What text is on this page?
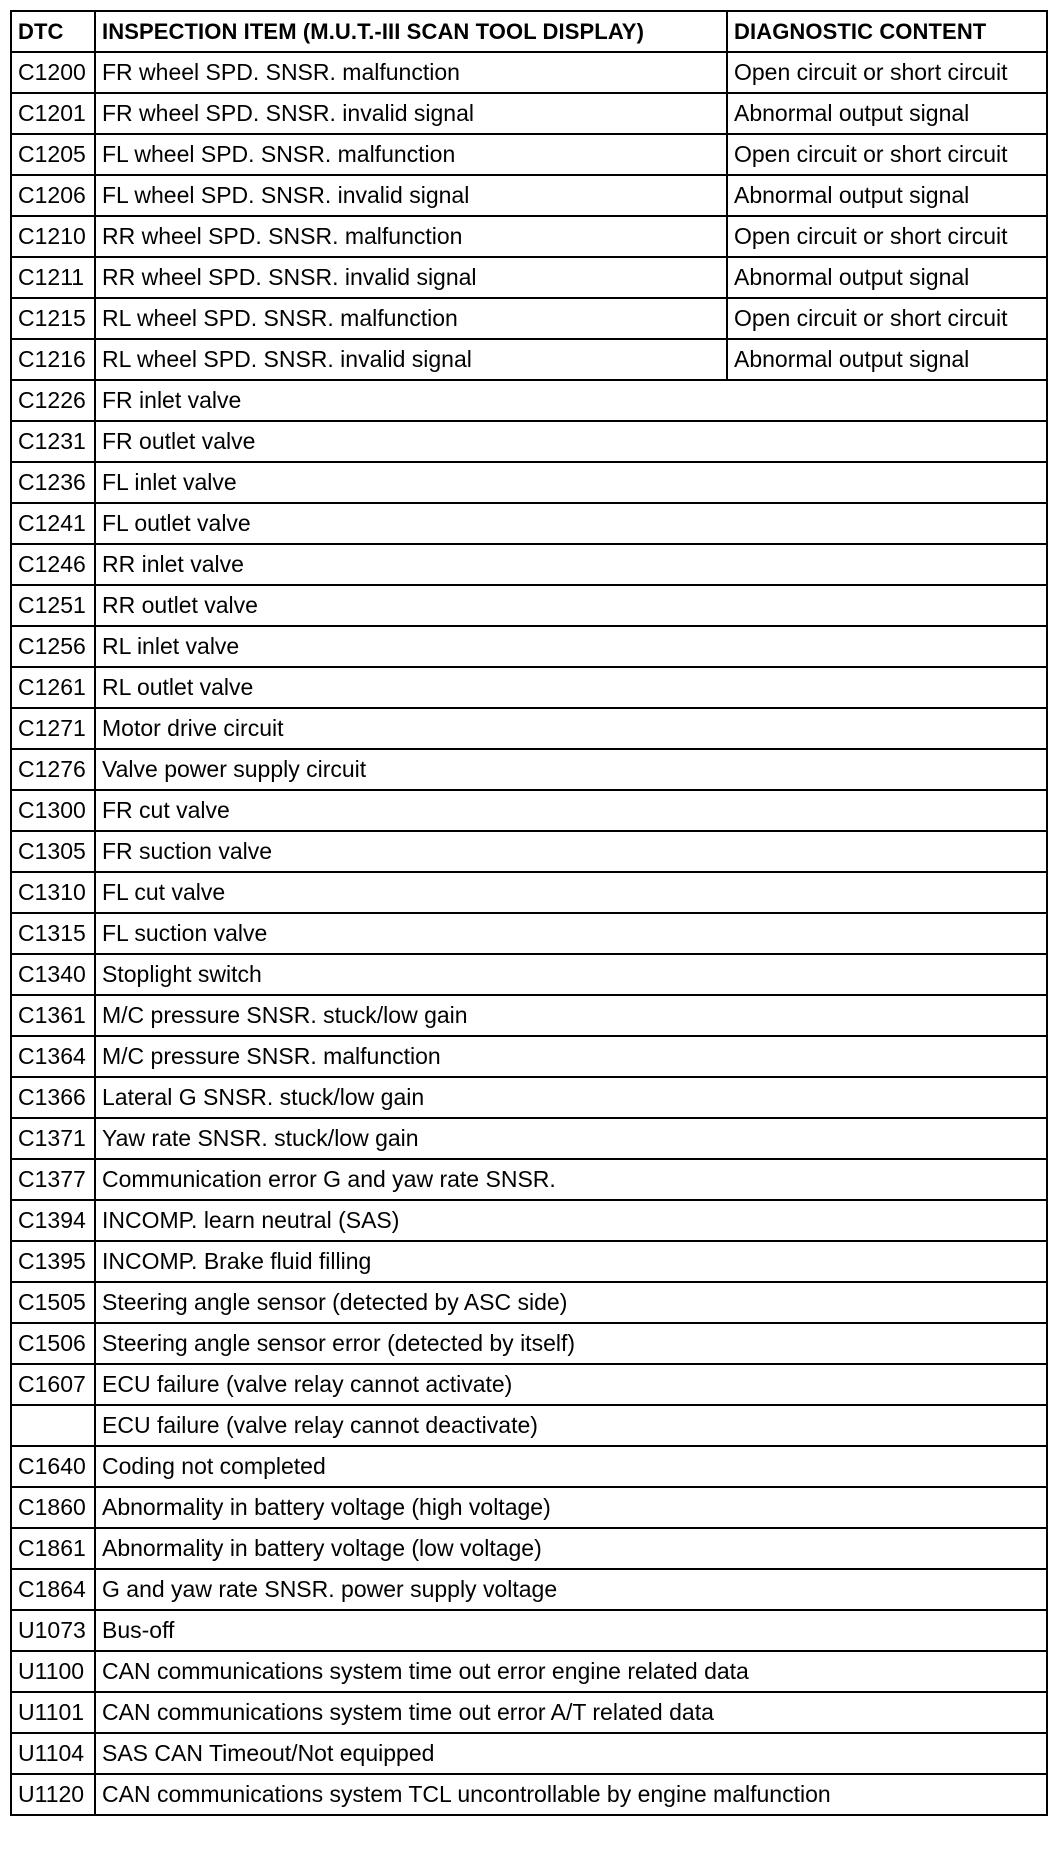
DTC	INSPECTION ITEM (M.U.T.-III SCAN TOOL DISPLAY)	DIAGNOSTIC CONTENT
C1200	FR wheel SPD. SNSR. malfunction	Open circuit or short circuit
C1201	FR wheel SPD. SNSR. invalid signal	Abnormal output signal
C1205	FL wheel SPD. SNSR. malfunction	Open circuit or short circuit
C1206	FL wheel SPD. SNSR. invalid signal	Abnormal output signal
C1210	RR wheel SPD. SNSR. malfunction	Open circuit or short circuit
C1211	RR wheel SPD. SNSR. invalid signal	Abnormal output signal
C1215	RL wheel SPD. SNSR. malfunction	Open circuit or short circuit
C1216	RL wheel SPD. SNSR. invalid signal	Abnormal output signal
C1226	FR inlet valve	
C1231	FR outlet valve	
C1236	FL inlet valve	
C1241	FL outlet valve	
C1246	RR inlet valve	
C1251	RR outlet valve	
C1256	RL inlet valve	
C1261	RL outlet valve	
C1271	Motor drive circuit	
C1276	Valve power supply circuit	
C1300	FR cut valve	
C1305	FR suction valve	
C1310	FL cut valve	
C1315	FL suction valve	
C1340	Stoplight switch	
C1361	M/C pressure SNSR. stuck/low gain	
C1364	M/C pressure SNSR. malfunction	
C1366	Lateral G SNSR. stuck/low gain	
C1371	Yaw rate SNSR. stuck/low gain	
C1377	Communication error G and yaw rate SNSR.	
C1394	INCOMP. learn neutral (SAS)	
C1395	INCOMP. Brake fluid filling	
C1505	Steering angle sensor (detected by ASC side)	
C1506	Steering angle sensor error (detected by itself)	
C1607	ECU failure (valve relay cannot activate)	
	ECU failure (valve relay cannot deactivate)	
C1640	Coding not completed	
C1860	Abnormality in battery voltage (high voltage)	
C1861	Abnormality in battery voltage (low voltage)	
C1864	G and yaw rate SNSR. power supply voltage	
U1073	Bus-off	
U1100	CAN communications system time out error engine related data	
U1101	CAN communications system time out error A/T related data	
U1104	SAS CAN Timeout/Not equipped	
U1120	CAN communications system TCL uncontrollable by engine malfunction	
